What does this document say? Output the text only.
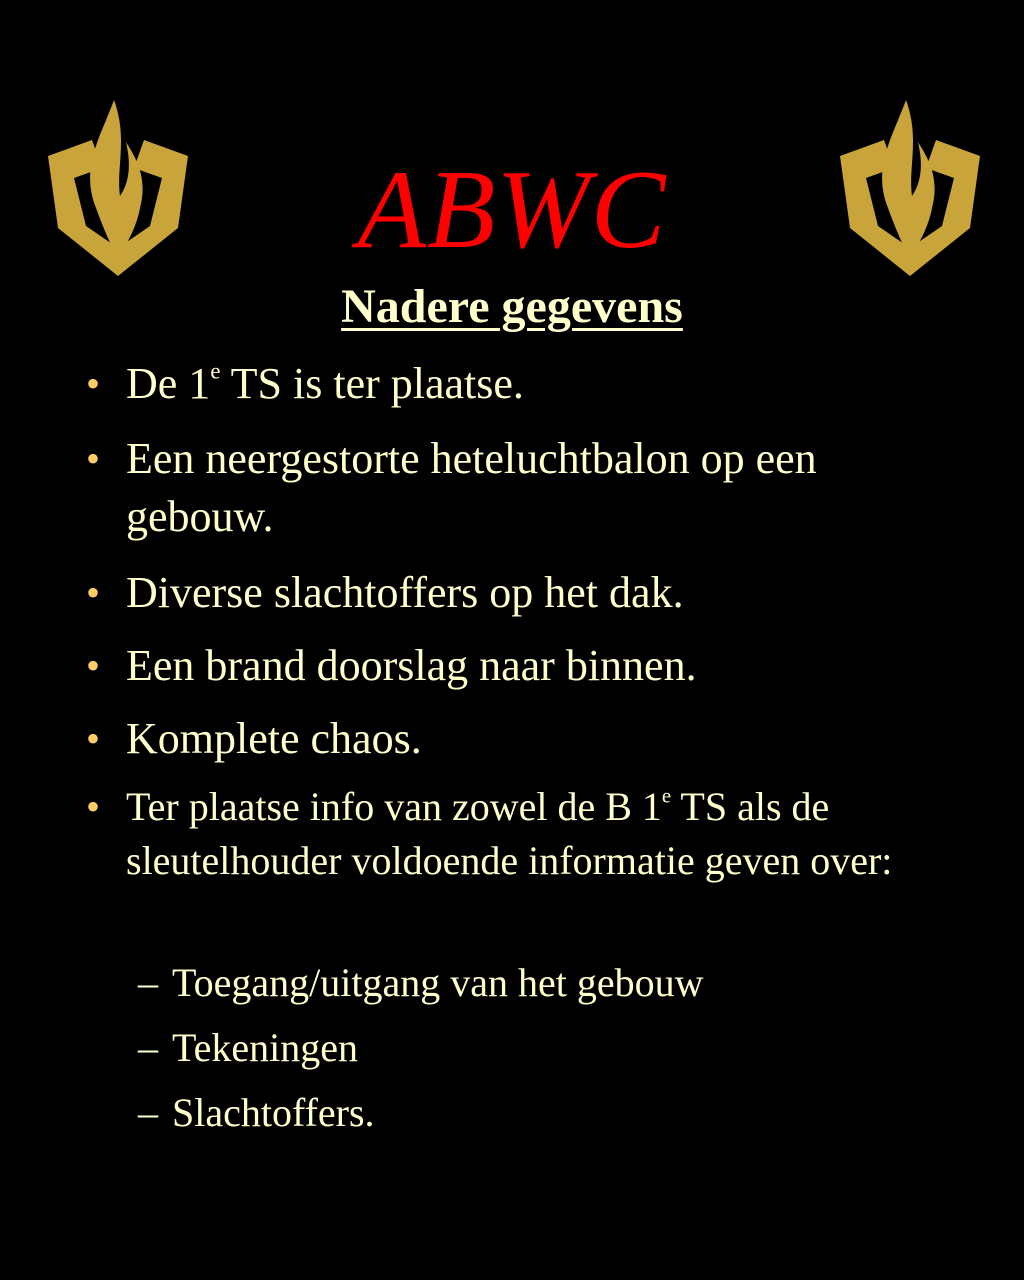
ABWC
Nadere gegevens
• De 1e TS is ter plaatse.
• Een neergestorte heteluchtbalon op een gebouw.
• Diverse slachtoffers op het dak.
• Een brand doorslag naar binnen.
• Komplete chaos.
• Ter plaatse info van zowel de B 1e TS als de sleutelhouder voldoende informatie geven over:
– Toegang/uitgang van het gebouw
– Tekeningen
– Slachtoffers.
